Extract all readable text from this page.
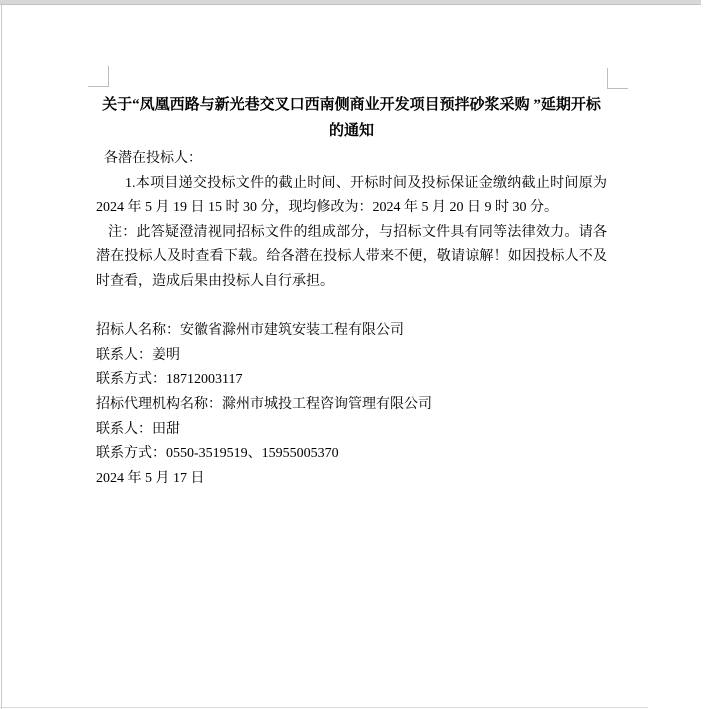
关于“凤凰西路与新光巷交叉口西南侧商业开发项目预拌砂浆采购 ”延期开标
的通知

各潜在投标人：

1.本项目递交投标文件的截止时间、开标时间及投标保证金缴纳截止时间原为 2024 年 5 月 19 日 15 时 30 分，现均修改为：2024 年 5 月 20 日 9 时 30 分。

注：此答疑澄清视同招标文件的组成部分，与招标文件具有同等法律效力。请各潜在投标人及时查看下载。给各潜在投标人带来不便，敬请谅解！如因投标人不及时查看，造成后果由投标人自行承担。

招标人名称：安徽省滁州市建筑安装工程有限公司

联系人：姜明

联系方式：18712003117

招标代理机构名称：滁州市城投工程咨询管理有限公司

联系人：田甜

联系方式：0550-3519519、15955005370

2024 年 5 月 17 日
